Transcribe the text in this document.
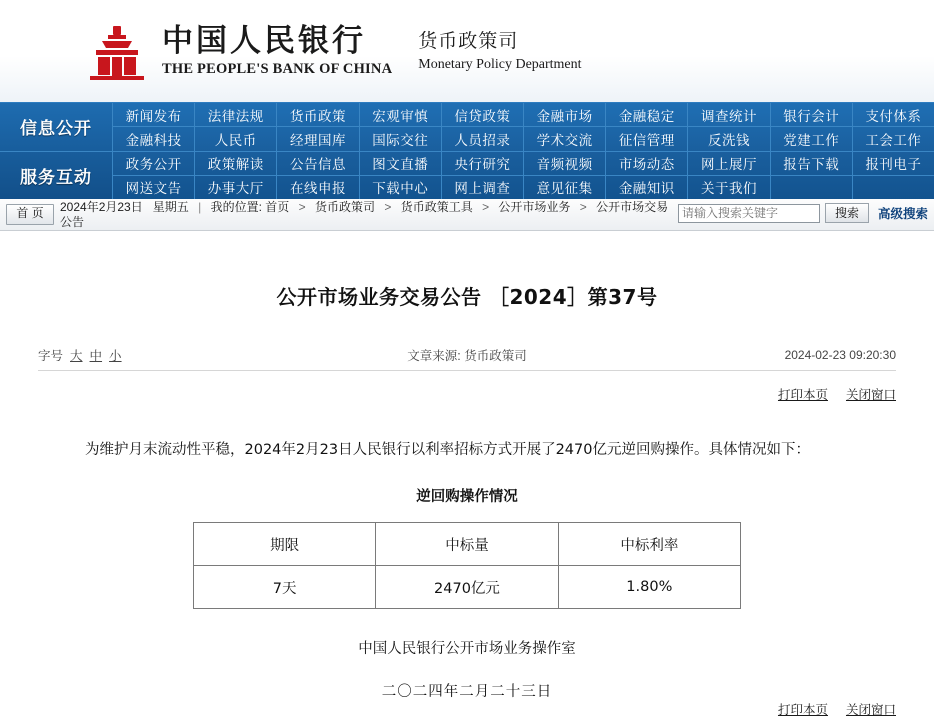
中国人民银行
THE PEOPLE'S BANK OF CHINA
货币政策司
Monetary Policy Department
信息公开
服务互动
新闻发布	法律法规	货币政策	宏观审慎	信贷政策	金融市场	金融稳定	调查统计	银行会计	支付体系
金融科技	人民币	经理国库	国际交往	人员招录	学术交流	征信管理	反洗钱	党建工作	工会工作
政务公开	政策解读	公告信息	图文直播	央行研究	音频视频	市场动态	网上展厅	报告下载	报刊电子
网送文告	办事大厅	在线申报	下载中心	网上调查	意见征集	金融知识	关于我们
首 页	2024年2月23日 星期五 | 我的位置: 首页 > 货币政策司 > 货币政策工具 > 公开市场业务 > 公开市场交易公告
请输入搜索关键字
搜索	高级搜索
公开市场业务交易公告 ［2024］第37号
字号 大 中 小	文章来源: 货币政策司	2024-02-23 09:20:30
打印本页 关闭窗口
为维护月末流动性平稳，2024年2月23日人民银行以利率招标方式开展了2470亿元逆回购操作。具体情况如下：
逆回购操作情况
期限	中标量	中标利率
7天	2470亿元	1.80%
中国人民银行公开市场业务操作室
二〇二四年二月二十三日
打印本页 关闭窗口
